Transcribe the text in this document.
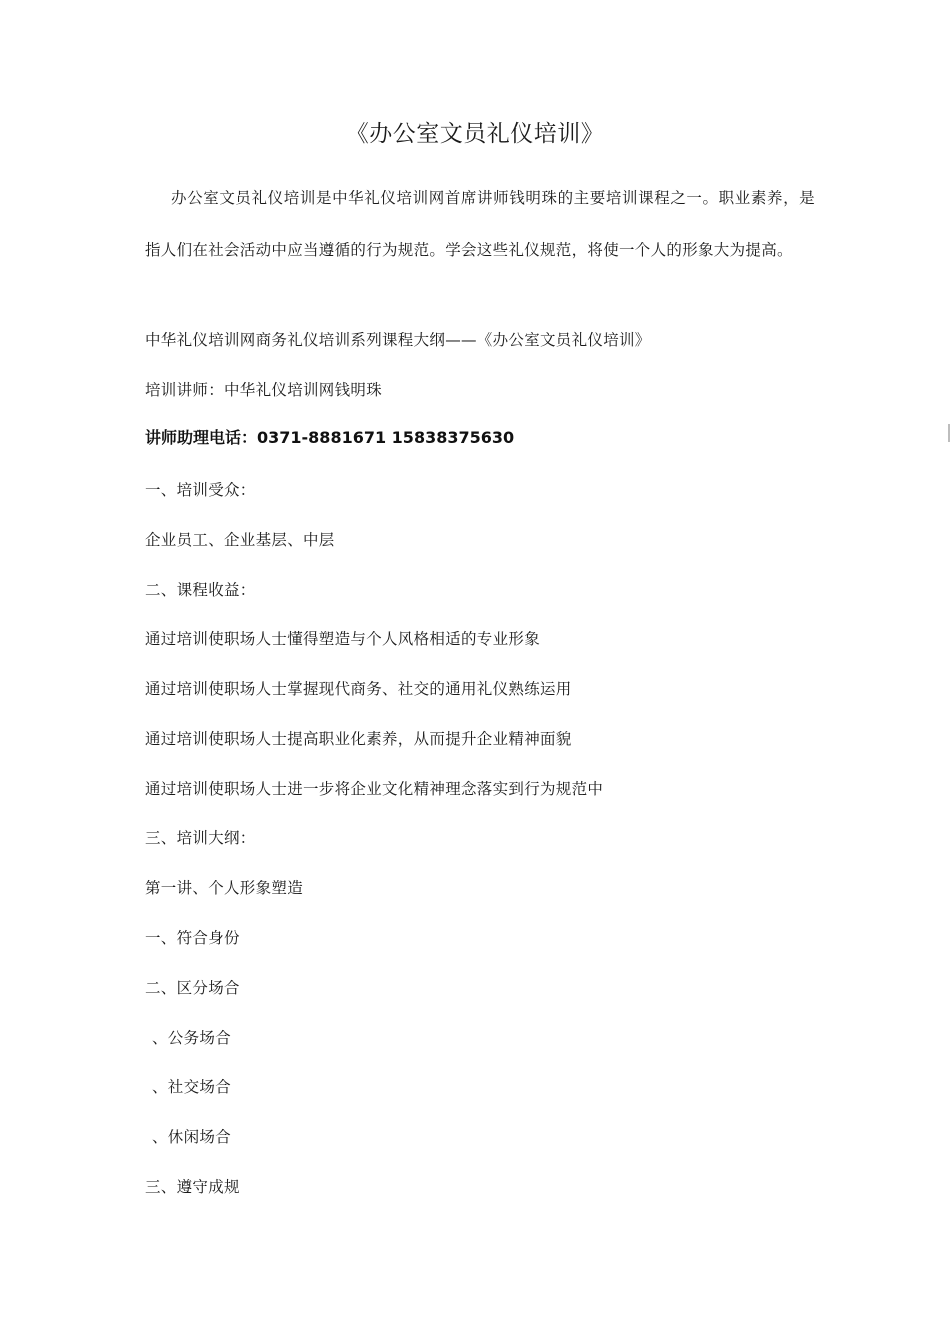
《办公室文员礼仪培训》
办公室文员礼仪培训是中华礼仪培训网首席讲师钱明珠的主要培训课程之一。职业素养，是指人们在社会活动中应当遵循的行为规范。学会这些礼仪规范，将使一个人的形象大为提高。
中华礼仪培训网商务礼仪培训系列课程大纲——《办公室文员礼仪培训》
培训讲师：中华礼仪培训网钱明珠
讲师助理电话：0371-8881671 15838375630
一、培训受众：
企业员工、企业基层、中层
二、课程收益：
通过培训使职场人士懂得塑造与个人风格相适的专业形象
通过培训使职场人士掌握现代商务、社交的通用礼仪熟练运用
通过培训使职场人士提高职业化素养，从而提升企业精神面貌
通过培训使职场人士进一步将企业文化精神理念落实到行为规范中
三、培训大纲：
第一讲、个人形象塑造
一、符合身份
二、区分场合
、公务场合
、社交场合
、休闲场合
三、遵守成规
